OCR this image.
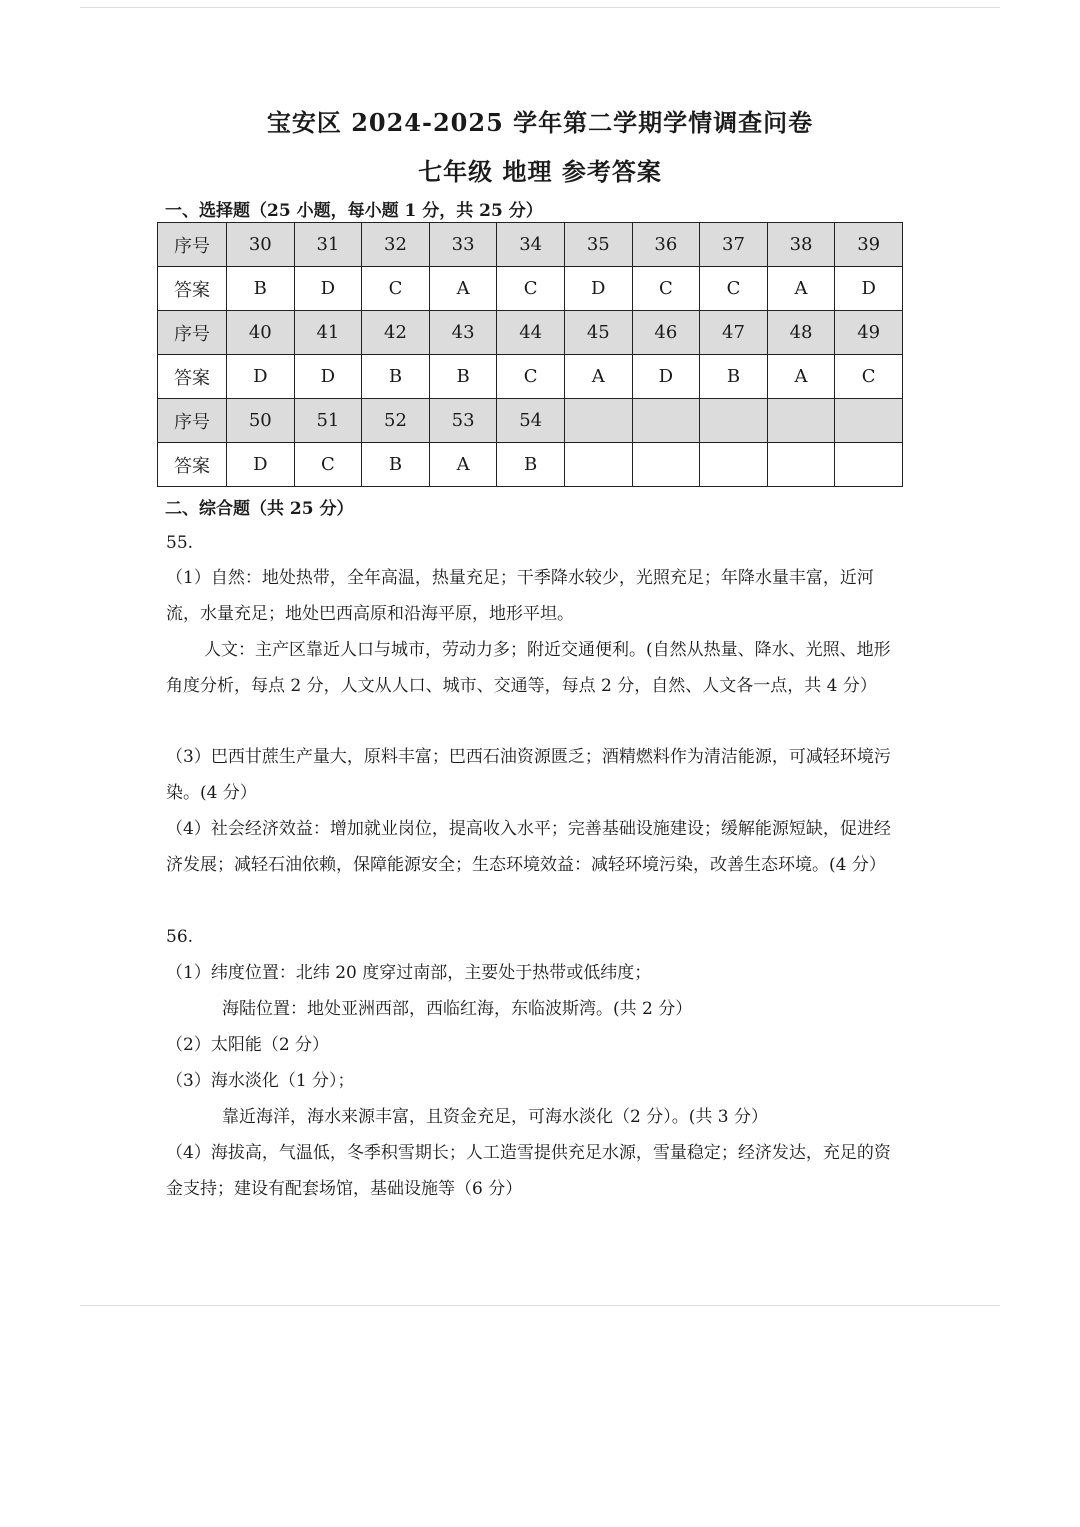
宝安区 2024-2025 学年第二学期学情调查问卷
七年级 地理 参考答案
一、选择题（25 小题，每小题 1 分，共 25 分）
序号	30	31	32	33	34	35	36	37	38	39
答案	B	D	C	A	C	D	C	C	A	D
序号	40	41	42	43	44	45	46	47	48	49
答案	D	D	B	B	C	A	D	B	A	C
序号	50	51	52	53	54					
答案	D	C	B	A	B					
二、综合题（共 25 分）
55.
（1）自然：地处热带，全年高温，热量充足；干季降水较少，光照充足；年降水量丰富，近河流，水量充足；地处巴西高原和沿海平原，地形平坦。
人文：主产区靠近人口与城市，劳动力多；附近交通便利。(自然从热量、降水、光照、地形角度分析，每点 2 分，人文从人口、城市、交通等，每点 2 分，自然、人文各一点，共 4 分）
（3）巴西甘蔗生产量大，原料丰富；巴西石油资源匮乏；酒精燃料作为清洁能源，可减轻环境污染。(4 分）
（4）社会经济效益：增加就业岗位，提高收入水平；完善基础设施建设；缓解能源短缺，促进经济发展；减轻石油依赖，保障能源安全；生态环境效益：减轻环境污染，改善生态环境。(4 分）
56.
（1）纬度位置：北纬 20 度穿过南部，主要处于热带或低纬度；
海陆位置：地处亚洲西部，西临红海，东临波斯湾。(共 2 分）
（2）太阳能（2 分）
（3）海水淡化（1 分）；
靠近海洋，海水来源丰富，且资金充足，可海水淡化（2 分）。(共 3 分）
（4）海拔高，气温低，冬季积雪期长；人工造雪提供充足水源，雪量稳定；经济发达，充足的资金支持；建设有配套场馆，基础设施等（6 分）
